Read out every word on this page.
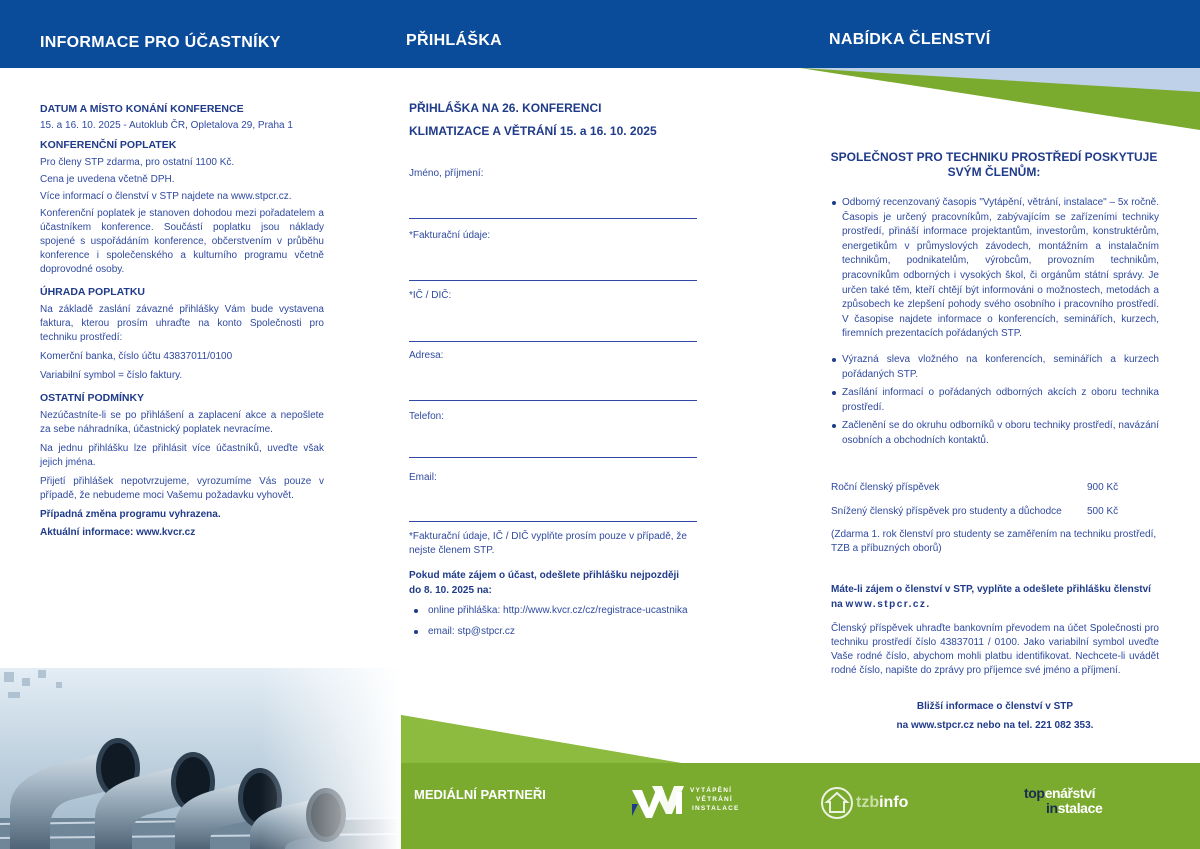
INFORMACE PRO ÚČASTNÍKY	PŘIHLÁŠKA	NABÍDKA ČLENSTVÍ
DATUM A MÍSTO KONÁNÍ KONFERENCE
15. a 16. 10. 2025 - Autoklub ČR, Opletalova 29, Praha 1
KONFERENČNÍ POPLATEK
Pro členy STP zdarma, pro ostatní 1100 Kč.
Cena je uvedena včetně DPH.
Více informací o členství v STP najdete na www.stpcr.cz.
Konferenční poplatek je stanoven dohodou mezi pořadatelem a účastníkem konference. Součástí poplatku jsou náklady spojené s uspořádáním konference, občerstvením v průběhu konference i společenského a kulturního programu včetně doprovodné osoby.
ÚHRADA POPLATKU
Na základě zaslání závazné přihlášky Vám bude vystavena faktura, kterou prosím uhraďte na konto Společnosti pro techniku prostředí:
Komerční banka, číslo účtu 43837011/0100
Variabilní symbol = číslo faktury.
OSTATNÍ PODMÍNKY
Nezúčastníte-li se po přihlášení a zaplacení akce a nepošlete za sebe náhradníka, účastnický poplatek nevracíme.
Na jednu přihlášku lze přihlásit více účastníků, uveďte však jejich jména.
Přijetí přihlášek nepotvrzujeme, vyrozumíme Vás pouze v případě, že nebudeme moci Vašemu požadavku vyhovět.
Případná změna programu vyhrazena.
Aktuální informace: www.kvcr.cz
PŘIHLÁŠKA NA 26. KONFERENCI
KLIMATIZACE A VĚTRÁNÍ 15. a 16. 10. 2025
Jméno, příjmení:
*Fakturační údaje:
*IČ / DIČ:
Adresa:
Telefon:
Email:
*Fakturační údaje, IČ / DIČ vyplňte prosím pouze v případě, že nejste členem STP.
Pokud máte zájem o účast, odešlete přihlášku nejpozději
do 8. 10. 2025 na:
online přihláška: http://www.kvcr.cz/cz/registrace-ucastnika
email: stp@stpcr.cz
SPOLEČNOST PRO TECHNIKU PROSTŘEDÍ POSKYTUJE SVÝM ČLENŮM:
Odborný recenzovaný časopis "Vytápění, větrání, instalace" – 5x ročně. Časopis je určený pracovníkům, zabývajícím se zařízeními techniky prostředí, přináší informace projektantům, investorům, konstruktérům, energetikům v průmyslových závodech, montážním a instalačním technikům, podnikatelům, výrobcům, provozním technikům, pracovníkům odborných i vysokých škol, či orgánům státní správy. Je určen také těm, kteří chtějí být informováni o možnostech, metodách a způsobech ke zlepšení pohody svého osobního i pracovního prostředí. V časopise najdete informace o konferencích, seminářích, kurzech, firemních prezentacích pořádaných STP.
Výrazná sleva vložného na konferencích, seminářích a kurzech pořádaných STP.
Zasílání informací o pořádaných odborných akcích z oboru technika prostředí.
Začlenění se do okruhu odborníků v oboru techniky prostředí, navázání osobních a obchodních kontaktů.
Roční členský příspěvek	900 Kč
Snížený členský příspěvek pro studenty a důchodce	500 Kč
(Zdarma 1. rok členství pro studenty se zaměřením na techniku prostředí, TZB a příbuzných oborů)
Máte-li zájem o členství v STP, vyplňte a odešlete přihlášku členství na www.stpcr.cz.
Členský příspěvek uhraďte bankovním převodem na účet Společnosti pro techniku prostředí číslo 43837011 / 0100. Jako variabilní symbol uveďte Vaše rodné číslo, abychom mohli platbu identifikovat. Nechcete-li uvádět rodné číslo, napište do zprávy pro příjemce své jméno a příjmení.
Bližší informace o členství v STP
na www.stpcr.cz nebo na tel. 221 082 353.
MEDIÁLNÍ PARTNEŘI	VYTÁPĚNÍ
VĚTRÁNÍ
INSTALACE	tzbinfo
topenářství
instalace
